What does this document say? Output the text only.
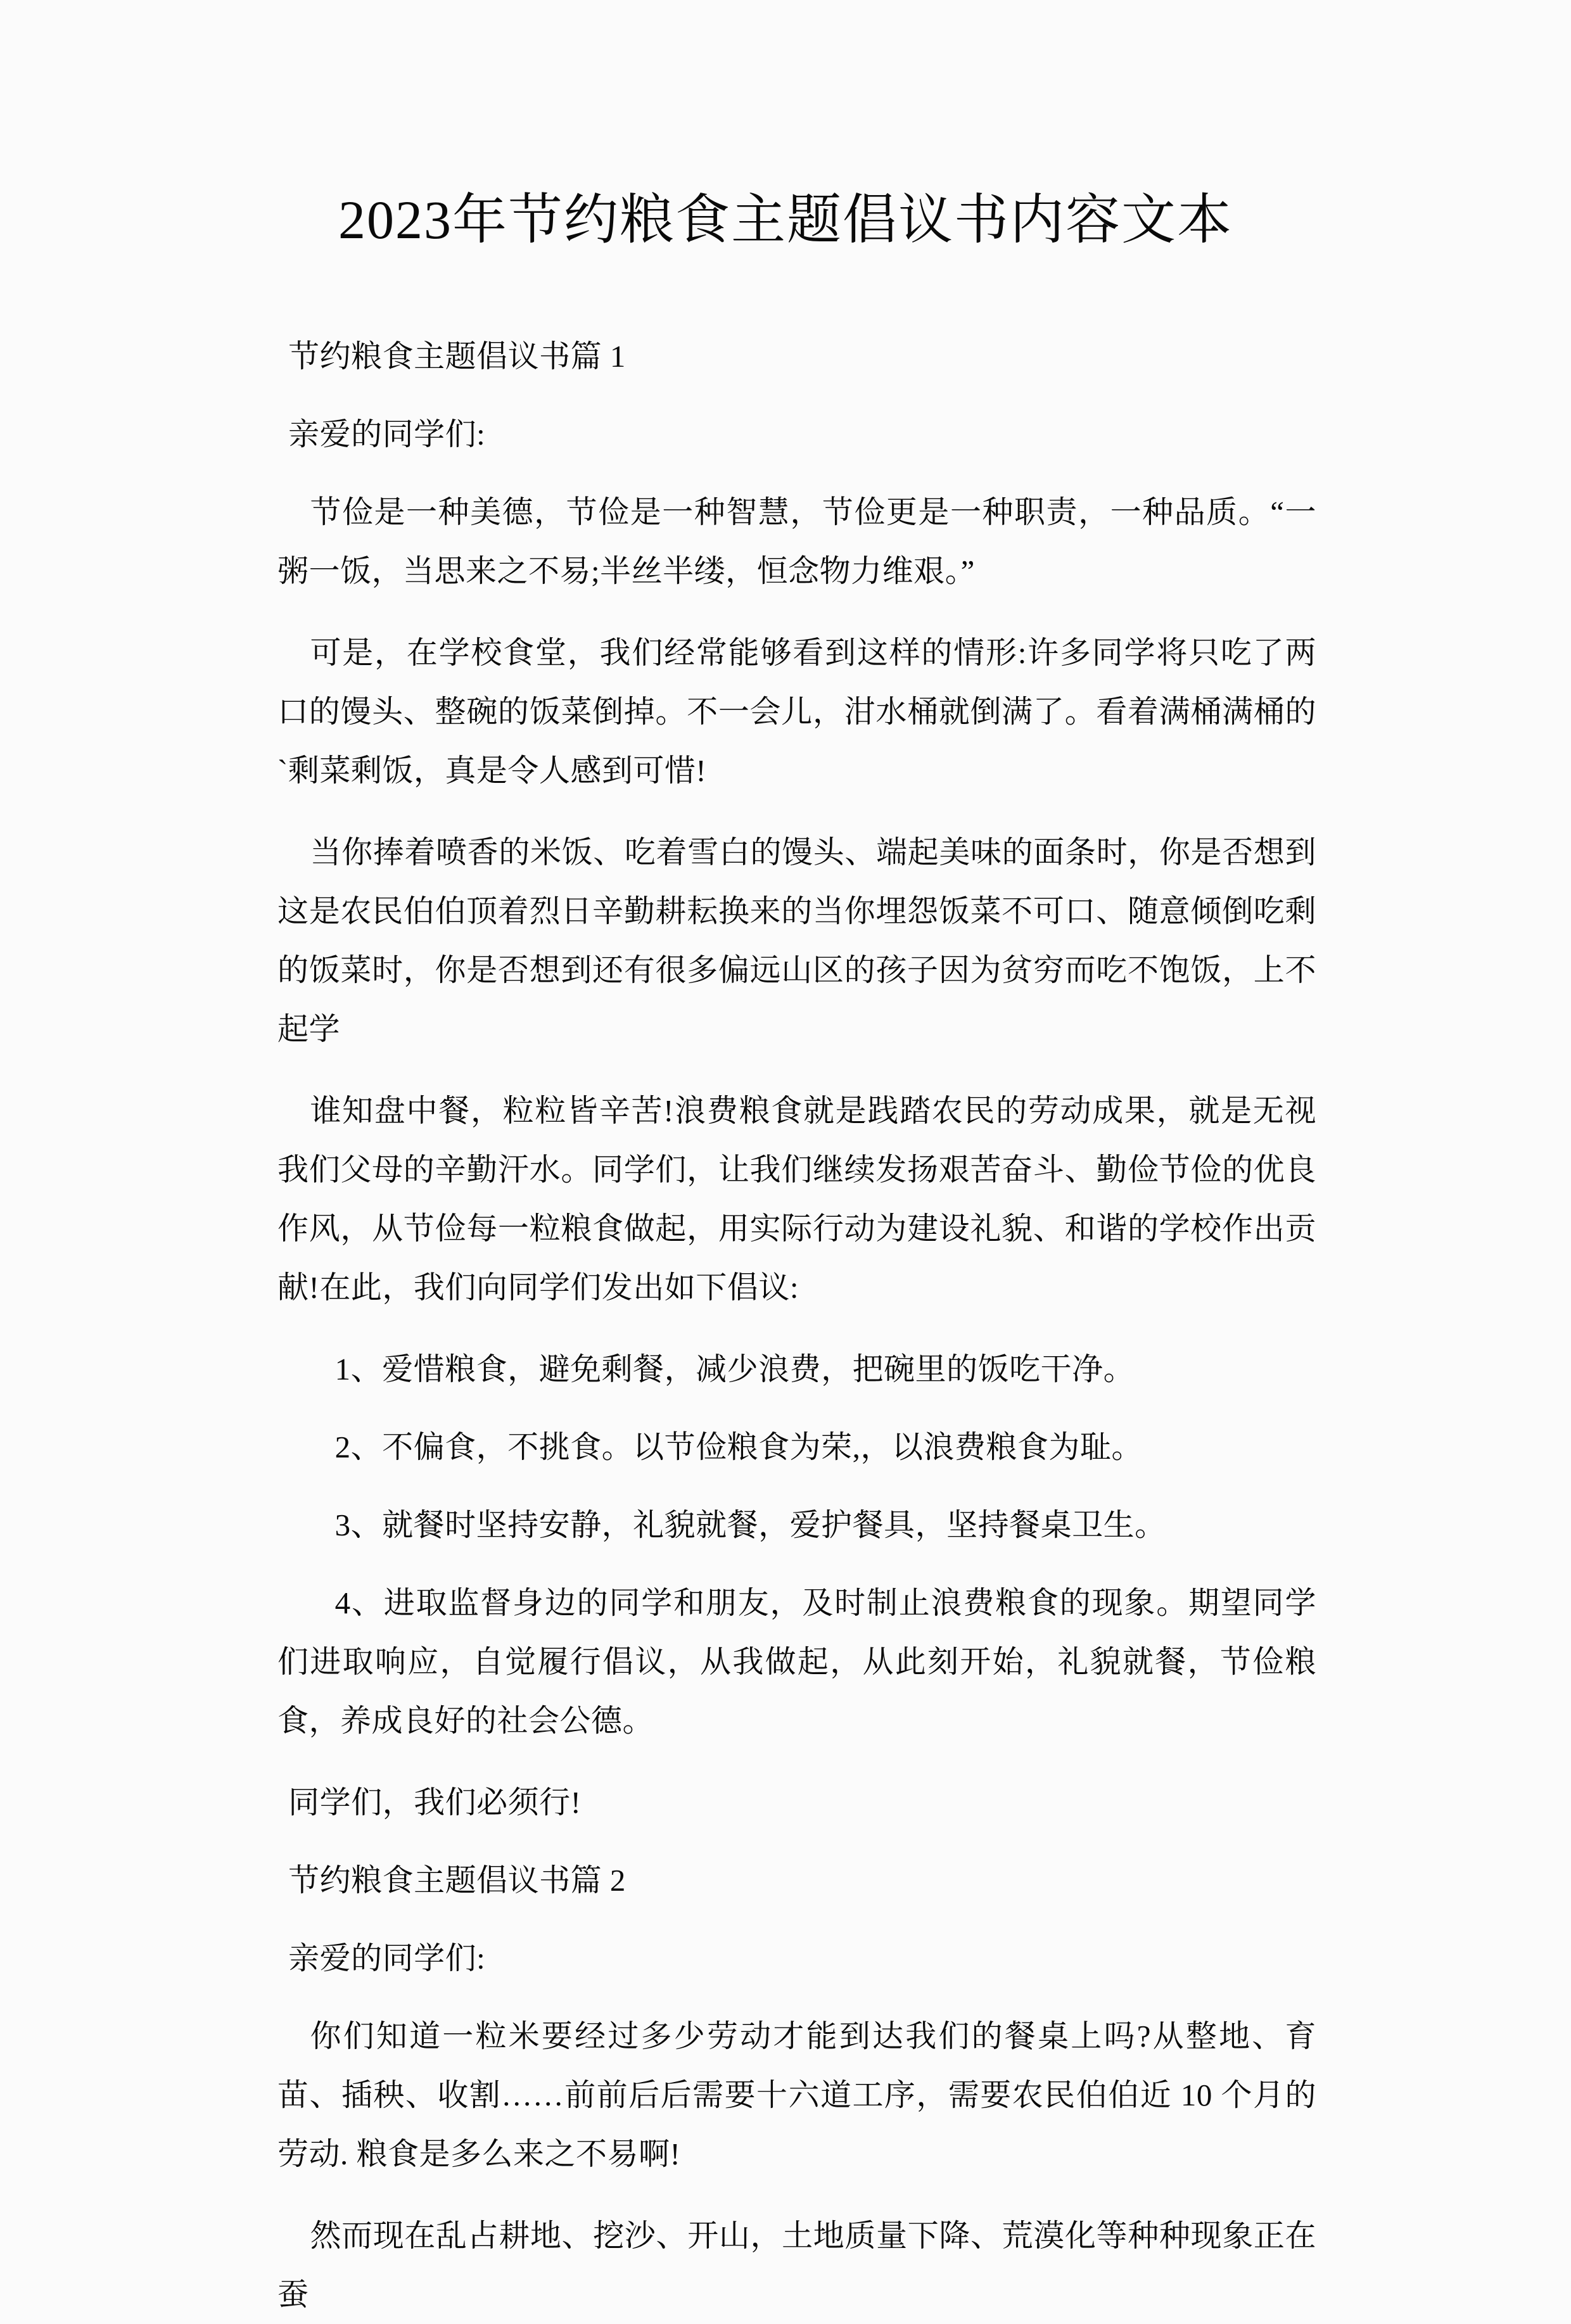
2023年节约粮食主题倡议书内容文本

节约粮食主题倡议书篇 1

亲爱的同学们:

节俭是一种美德，节俭是一种智慧，节俭更是一种职责，一种品质。“一粥一饭，当思来之不易;半丝半缕，恒念物力维艰。”

可是，在学校食堂，我们经常能够看到这样的情形:许多同学将只吃了两口的馒头、整碗的饭菜倒掉。不一会儿，泔水桶就倒满了。看着满桶满桶的`剩菜剩饭，真是令人感到可惜!

当你捧着喷香的米饭、吃着雪白的馒头、端起美味的面条时，你是否想到这是农民伯伯顶着烈日辛勤耕耘换来的当你埋怨饭菜不可口、随意倾倒吃剩的饭菜时，你是否想到还有很多偏远山区的孩子因为贫穷而吃不饱饭，上不起学

谁知盘中餐，粒粒皆辛苦!浪费粮食就是践踏农民的劳动成果，就是无视我们父母的辛勤汗水。同学们，让我们继续发扬艰苦奋斗、勤俭节俭的优良作风，从节俭每一粒粮食做起，用实际行动为建设礼貌、和谐的学校作出贡献!在此，我们向同学们发出如下倡议:

1、爱惜粮食，避免剩餐，减少浪费，把碗里的饭吃干净。

2、不偏食，不挑食。以节俭粮食为荣,，以浪费粮食为耻。

3、就餐时坚持安静，礼貌就餐，爱护餐具，坚持餐桌卫生。

4、进取监督身边的同学和朋友，及时制止浪费粮食的现象。期望同学们进取响应，自觉履行倡议，从我做起，从此刻开始，礼貌就餐，节俭粮食，养成良好的社会公德。

同学们，我们必须行!

节约粮食主题倡议书篇 2

亲爱的同学们:

你们知道一粒米要经过多少劳动才能到达我们的餐桌上吗?从整地、育苗、插秧、收割……前前后后需要十六道工序，需要农民伯伯近 10 个月的劳动. 粮食是多么来之不易啊!

然而现在乱占耕地、挖沙、开山，土地质量下降、荒漠化等种种现象正在蚕
